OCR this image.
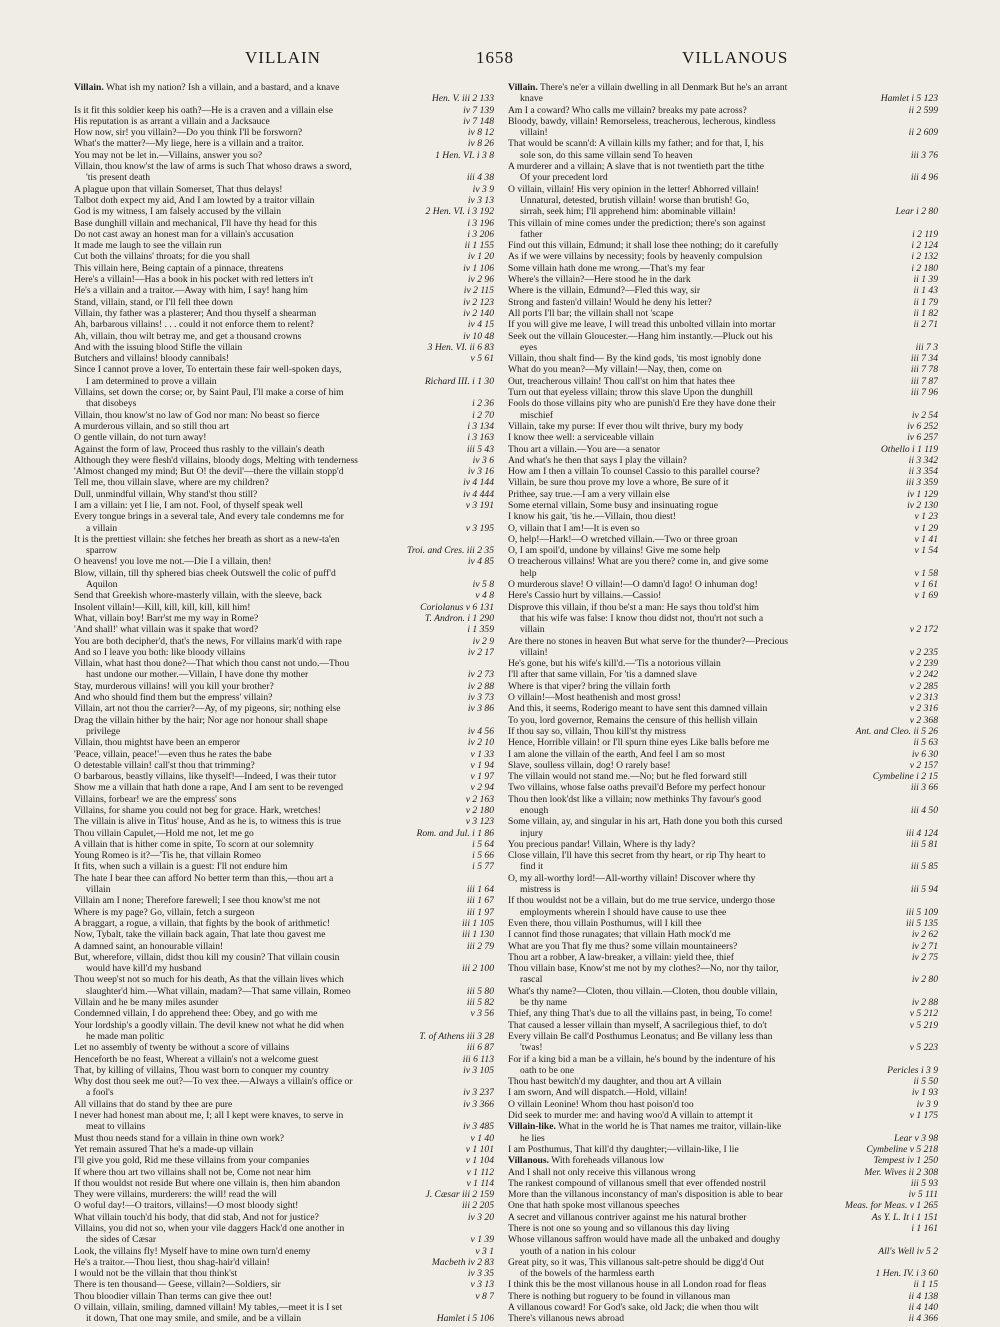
VILLAIN	1658	VILLANOUS
Villain. What ish my nation? Ish a villain, and a bastard, and a knave
Hen. V. iii 2 133
Is it fit this soldier keep his oath?—He is a craven and a villain else	iv 7 139
His reputation is as arrant a villain and a Jacksauce	iv 7 148
How now, sir! you villain?—Do you think I'll be forsworn?	iv 8 12
What's the matter?—My liege, here is a villain and a traitor.	iv 8 26
You may not be let in.—Villains, answer you so?	1 Hen. VI. i 3 8
Villain, thou know'st the law of arms is such That whoso draws a sword,
'tis present death	iii 4 38
A plague upon that villain Somerset, That thus delays!	iv 3 9
Talbot doth expect my aid, And I am lowted by a traitor villain	iv 3 13
God is my witness, I am falsely accused by the villain	2 Hen. VI. i 3 192
Base dunghill villain and mechanical, I'll have thy head for this	i 3 196
Do not cast away an honest man for a villain's accusation	i 3 206
It made me laugh to see the villain run	ii 1 155
Cut both the villains' throats; for die you shall	iv 1 20
This villain here, Being captain of a pinnace, threatens	iv 1 106
Here's a villain!—Has a book in his pocket with red letters in't	iv 2 96
He's a villain and a traitor.—Away with him, I say! hang him	iv 2 115
Stand, villain, stand, or I'll fell thee down	iv 2 123
Villain, thy father was a plasterer; And thou thyself a shearman	iv 2 140
Ah, barbarous villains! . . . could it not enforce them to relent?	iv 4 15
Ah, villain, thou wilt betray me, and get a thousand crowns	iv 10 48
And with the issuing blood Stifle the villain	3 Hen. VI. ii 6 83
Butchers and villains! bloody cannibals!	v 5 61
Since I cannot prove a lover, To entertain these fair well-spoken days,
I am determined to prove a villain	Richard III. i 1 30
Villains, set down the corse; or, by Saint Paul, I'll make a corse of him
that disobeys	i 2 36
Villain, thou know'st no law of God nor man: No beast so fierce	i 2 70
A murderous villain, and so still thou art	i 3 134
O gentle villain, do not turn away!	i 3 163
Against the form of law, Proceed thus rashly to the villain's death	iii 5 43
Although they were flesh'd villains, bloody dogs, Melting with tenderness	iv 3 6
'Almost changed my mind; But O! the devil'—there the villain stopp'd	iv 3 16
Tell me, thou villain slave, where are my children?	iv 4 144
Dull, unmindful villain, Why stand'st thou still?	iv 4 444
I am a villain: yet I lie, I am not. Fool, of thyself speak well	v 3 191
Every tongue brings in a several tale, And every tale condemns me for
a villain	v 3 195
It is the prettiest villain: she fetches her breath as short as a new-ta'en
sparrow	Troi. and Cres. iii 2 35
O heavens! you love me not.—Die I a villain, then!	iv 4 85
Blow, villain, till thy sphered bias cheek Outswell the colic of puff'd
Aquilon	iv 5 8
Send that Greekish whore-masterly villain, with the sleeve, back	v 4 8
Insolent villain!—Kill, kill, kill, kill, kill him!	Coriolanus v 6 131
What, villain boy! Barr'st me my way in Rome?	T. Andron. i 1 290
'And shall!' what villain was it spake that word?	i 1 359
You are both decipher'd, that's the news, For villains mark'd with rape	iv 2 9
And so I leave you both: like bloody villains	iv 2 17
Villain, what hast thou done?—That which thou canst not undo.—Thou
hast undone our mother.—Villain, I have done thy mother	iv 2 73
Stay, murderous villains! will you kill your brother?	iv 2 88
And who should find them but the empress' villain?	iv 3 73
Villain, art not thou the carrier?—Ay, of my pigeons, sir; nothing else	iv 3 86
Drag the villain hither by the hair; Nor age nor honour shall shape
privilege	iv 4 56
Villain, thou mightst have been an emperor	iv 2 10
'Peace, villain, peace!'—even thus he rates the babe	v 1 33
O detestable villain! call'st thou that trimming?	v 1 94
O barbarous, beastly villains, like thyself!—Indeed, I was their tutor	v 1 97
Show me a villain that hath done a rape, And I am sent to be revenged	v 2 94
Villains, forbear! we are the empress' sons	v 2 163
Villains, for shame you could not beg for grace. Hark, wretches!	v 2 180
The villain is alive in Titus' house, And as he is, to witness this is true	v 3 123
Thou villain Capulet,—Hold me not, let me go	Rom. and Jul. i 1 86
A villain that is hither come in spite, To scorn at our solemnity	i 5 64
Young Romeo is it?—'Tis he, that villain Romeo	i 5 66
It fits, when such a villain is a guest: I'll not endure him	i 5 77
The hate I bear thee can afford No better term than this,—thou art a
villain	iii 1 64
Villain am I none; Therefore farewell; I see thou know'st me not	iii 1 67
Where is my page? Go, villain, fetch a surgeon	iii 1 97
A braggart, a rogue, a villain, that fights by the book of arithmetic!	iii 1 105
Now, Tybalt, take the villain back again, That late thou gavest me	iii 1 130
A damned saint, an honourable villain!	iii 2 79
But, wherefore, villain, didst thou kill my cousin? That villain cousin
would have kill'd my husband	iii 2 100
Thou weep'st not so much for his death, As that the villain lives which
slaughter'd him.—What villain, madam?—That same villain, Romeo	iii 5 80
Villain and he be many miles asunder	iii 5 82
Condemned villain, I do apprehend thee: Obey, and go with me	v 3 56
Your lordship's a goodly villain. The devil knew not what he did when
he made man politic	T. of Athens iii 3 28
Let no assembly of twenty be without a score of villains	iii 6 87
Henceforth be no feast, Whereat a villain's not a welcome guest	iii 6 113
That, by killing of villains, Thou wast born to conquer my country	iv 3 105
Why dost thou seek me out?—To vex thee.—Always a villain's office or
a fool's	iv 3 237
All villains that do stand by thee are pure	iv 3 366
I never had honest man about me, I; all I kept were knaves, to serve in
meat to villains	iv 3 485
Must thou needs stand for a villain in thine own work?	v 1 40
Yet remain assured That he's a made-up villain	v 1 101
I'll give you gold, Rid me these villains from your companies	v 1 104
If where thou art two villains shall not be, Come not near him	v 1 112
If thou wouldst not reside But where one villain is, then him abandon	v 1 114
They were villains, murderers: the will! read the will	J. Cæsar iii 2 159
O woful day!—O traitors, villains!—O most bloody sight!	iii 2 205
What villain touch'd his body, that did stab, And not for justice?	iv 3 20
Villains, you did not so, when your vile daggers Hack'd one another in
the sides of Cæsar	v 1 39
Look, the villains fly! Myself have to mine own turn'd enemy	v 3 1
He's a traitor.—Thou liest, thou shag-hair'd villain!	Macbeth iv 2 83
I would not be the villain that thou think'st	iv 3 35
There is ten thousand— Geese, villain?—Soldiers, sir	v 3 13
Thou bloodier villain Than terms can give thee out!	v 8 7
O villain, villain, smiling, damned villain! My tables,—meet it is I set
it down, That one may smile, and smile, and be a villain	Hamlet i 5 106
Villain. There's ne'er a villain dwelling in all Denmark But he's an arrant
knave	Hamlet i 5 123
Am I a coward? Who calls me villain? breaks my pate across?	ii 2 599
Bloody, bawdy, villain! Remorseless, treacherous, lecherous, kindless
villain!	ii 2 609
That would be scann'd: A villain kills my father; and for that, I, his
sole son, do this same villain send To heaven	iii 3 76
A murderer and a villain; A slave that is not twentieth part the tithe
Of your precedent lord	iii 4 96
O villain, villain! His very opinion in the letter! Abhorred villain!
Unnatural, detested, brutish villain! worse than brutish! Go,
sirrah, seek him; I'll apprehend him: abominable villain!	Lear i 2 80
This villain of mine comes under the prediction; there's son against
father	i 2 119
Find out this villain, Edmund; it shall lose thee nothing; do it carefully	i 2 124
As if we were villains by necessity; fools by heavenly compulsion	i 2 132
Some villain hath done me wrong.—That's my fear	i 2 180
Where's the villain?—Here stood he in the dark	ii 1 39
Where is the villain, Edmund?—Fled this way, sir	ii 1 43
Strong and fasten'd villain! Would he deny his letter?	ii 1 79
All ports I'll bar; the villain shall not 'scape	ii 1 82
If you will give me leave, I will tread this unbolted villain into mortar	ii 2 71
Seek out the villain Gloucester.—Hang him instantly.—Pluck out his
eyes	iii 7 3
Villain, thou shalt find— By the kind gods, 'tis most ignobly done	iii 7 34
What do you mean?—My villain!—Nay, then, come on	iii 7 78
Out, treacherous villain! Thou call'st on him that hates thee	iii 7 87
Turn out that eyeless villain; throw this slave Upon the dunghill	iii 7 96
Fools do those villains pity who are punish'd Ere they have done their
mischief	iv 2 54
Villain, take my purse: If ever thou wilt thrive, bury my body	iv 6 252
I know thee well: a serviceable villain	iv 6 257
Thou art a villain.—You are—a senator	Othello i 1 119
And what's he then that says I play the villain?	ii 3 342
How am I then a villain To counsel Cassio to this parallel course?	ii 3 354
Villain, be sure thou prove my love a whore, Be sure of it	iii 3 359
Prithee, say true.—I am a very villain else	iv 1 129
Some eternal villain, Some busy and insinuating rogue	iv 2 130
I know his gait, 'tis he.—Villain, thou diest!	v 1 23
O, villain that I am!—It is even so	v 1 29
O, help!—Hark!—O wretched villain.—Two or three groan	v 1 41
O, I am spoil'd, undone by villains! Give me some help	v 1 54
O treacherous villains! What are you there? come in, and give some
help	v 1 58
O murderous slave! O villain!—O damn'd Iago! O inhuman dog!	v 1 61
Here's Cassio hurt by villains.—Cassio!	v 1 69
Disprove this villain, if thou be'st a man: He says thou told'st him
that his wife was false: I know thou didst not, thou'rt not such a
villain	v 2 172
Are there no stones in heaven But what serve for the thunder?—Precious
villain!	v 2 235
He's gone, but his wife's kill'd.—'Tis a notorious villain	v 2 239
I'll after that same villain, For 'tis a damned slave	v 2 242
Where is that viper? bring the villain forth	v 2 285
O villain!—Most heathenish and most gross!	v 2 313
And this, it seems, Roderigo meant to have sent this damned villain	v 2 316
To you, lord governor, Remains the censure of this hellish villain	v 2 368
If thou say so, villain, Thou kill'st thy mistress	Ant. and Cleo. ii 5 26
Hence, Horrible villain! or I'll spurn thine eyes Like balls before me	ii 5 63
I am alone the villain of the earth, And feel I am so most	iv 6 30
Slave, soulless villain, dog! O rarely base!	v 2 157
The villain would not stand me.—No; but he fled forward still	Cymbeline i 2 15
Two villains, whose false oaths prevail'd Before my perfect honour	iii 3 66
Thou then look'dst like a villain; now methinks Thy favour's good
enough	iii 4 50
Some villain, ay, and singular in his art, Hath done you both this cursed
injury	iii 4 124
You precious pandar! Villain, Where is thy lady?	iii 5 81
Close villain, I'll have this secret from thy heart, or rip Thy heart to
find it	iii 5 85
O, my all-worthy lord!—All-worthy villain! Discover where thy
mistress is	iii 5 94
If thou wouldst not be a villain, but do me true service, undergo those
employments wherein I should have cause to use thee	iii 5 109
Even there, thou villain Posthumus, will I kill thee	iii 5 135
I cannot find those runagates; that villain Hath mock'd me	iv 2 62
What are you That fly me thus? some villain mountaineers?	iv 2 71
Thou art a robber, A law-breaker, a villain: yield thee, thief	iv 2 75
Thou villain base, Know'st me not by my clothes?—No, nor thy tailor,
rascal	iv 2 80
What's thy name?—Cloten, thou villain.—Cloten, thou double villain,
be thy name	iv 2 88
Thief, any thing That's due to all the villains past, in being, To come!	v 5 212
That caused a lesser villain than myself, A sacrilegious thief, to do't	v 5 219
Every villain Be call'd Posthumus Leonatus; and Be villany less than
'twas!	v 5 223
For if a king bid a man be a villain, he's bound by the indenture of his
oath to be one	Pericles i 3 9
Thou hast bewitch'd my daughter, and thou art A villain	ii 5 50
I am sworn, And will dispatch.—Hold, villain!	iv 1 93
O villain Leonine! Whom thou hast poison'd too	iv 3 9
Did seek to murder me: and having woo'd A villain to attempt it	v 1 175
Villain-like. What in the world he is That names me traitor, villain-like
he lies	Lear v 3 98
I am Posthumus, That kill'd thy daughter;—villain-like, I lie	Cymbeline v 5 218
Villanous. With foreheads villanous low	Tempest iv 1 250
And I shall not only receive this villanous wrong	Mer. Wives ii 2 308
The rankest compound of villanous smell that ever offended nostril	iii 5 93
More than the villanous inconstancy of man's disposition is able to bear	iv 5 111
One that hath spoke most villanous speeches	Meas. for Meas. v 1 265
A secret and villanous contriver against me his natural brother	As Y. L. It i 1 151
There is not one so young and so villanous this day living	i 1 161
Whose villanous saffron would have made all the unbaked and doughy
youth of a nation in his colour	All's Well iv 5 2
Great pity, so it was, This villanous salt-petre should be digg'd Out
of the bowels of the harmless earth	1 Hen. IV. i 3 60
I think this be the most villanous house in all London road for fleas	ii 1 15
There is nothing but roguery to be found in villanous man	ii 4 138
A villanous coward! For God's sake, old Jack; die when thou wilt	ii 4 140
There's villanous news abroad	ii 4 366
